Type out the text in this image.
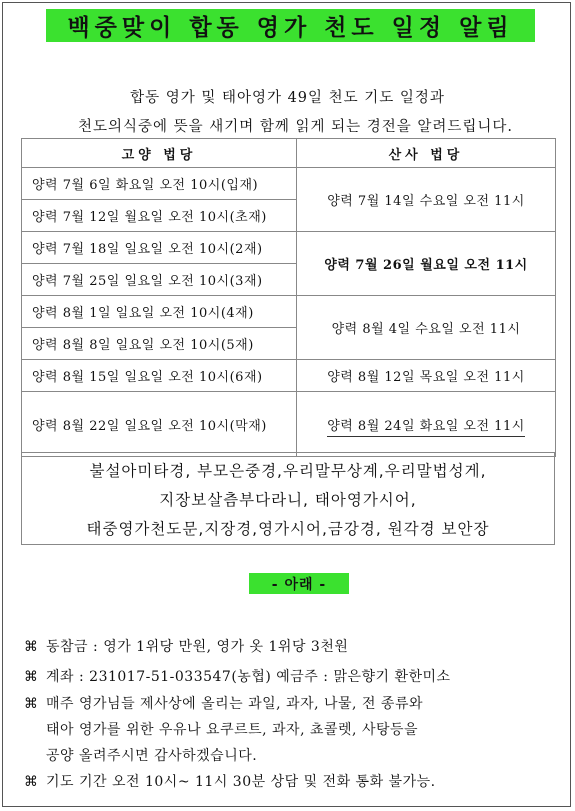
백중맞이 합동 영가 천도 일정 알림
합동 영가 및 태아영가 49일 천도 기도 일정과
천도의식중에 뜻을 새기며 함께 읽게 되는 경전을 알려드립니다.
고양 법당	산사 법당
양력 7월 6일 화요일 오전 10시(입재)	양력 7월 14일 수요일 오전 11시
양력 7월 12일 월요일 오전 10시(초재)	
양력 7월 18일 일요일 오전 10시(2재)	양력 7월 26일 월요일 오전 11시
양력 7월 25일 일요일 오전 10시(3재)	
양력 8월 1일 일요일 오전 10시(4재)	양력 8월 4일 수요일 오전 11시
양력 8월 8일 일요일 오전 10시(5재)	
양력 8월 15일 일요일 오전 10시(6재)	양력 8월 12일 목요일 오전 11시
양력 8월 22일 일요일 오전 10시(막재)	양력 8월 24일 화요일 오전 11시
불설아미타경, 부모은중경,우리말무상계,우리말법성게,
지장보살츰부다라니, 태아영가시어,
태중영가천도문,지장경,영가시어,금강경, 원각경 보안장
- 아래 -
⌘ 동참금 : 영가 1위당 만원, 영가 옷 1위당 3천원
⌘ 계좌 : 231017-51-033547(농협) 예금주 : 맑은향기 환한미소
⌘ 매주 영가님들 제사상에 올리는 과일, 과자, 나물, 전 종류와
태아 영가를 위한 우유나 요쿠르트, 과자, 쵸콜렛, 사탕등을
공양 올려주시면 감사하겠습니다.
⌘ 기도 기간 오전 10시~ 11시 30분 상담 및 전화 통화 불가능.
